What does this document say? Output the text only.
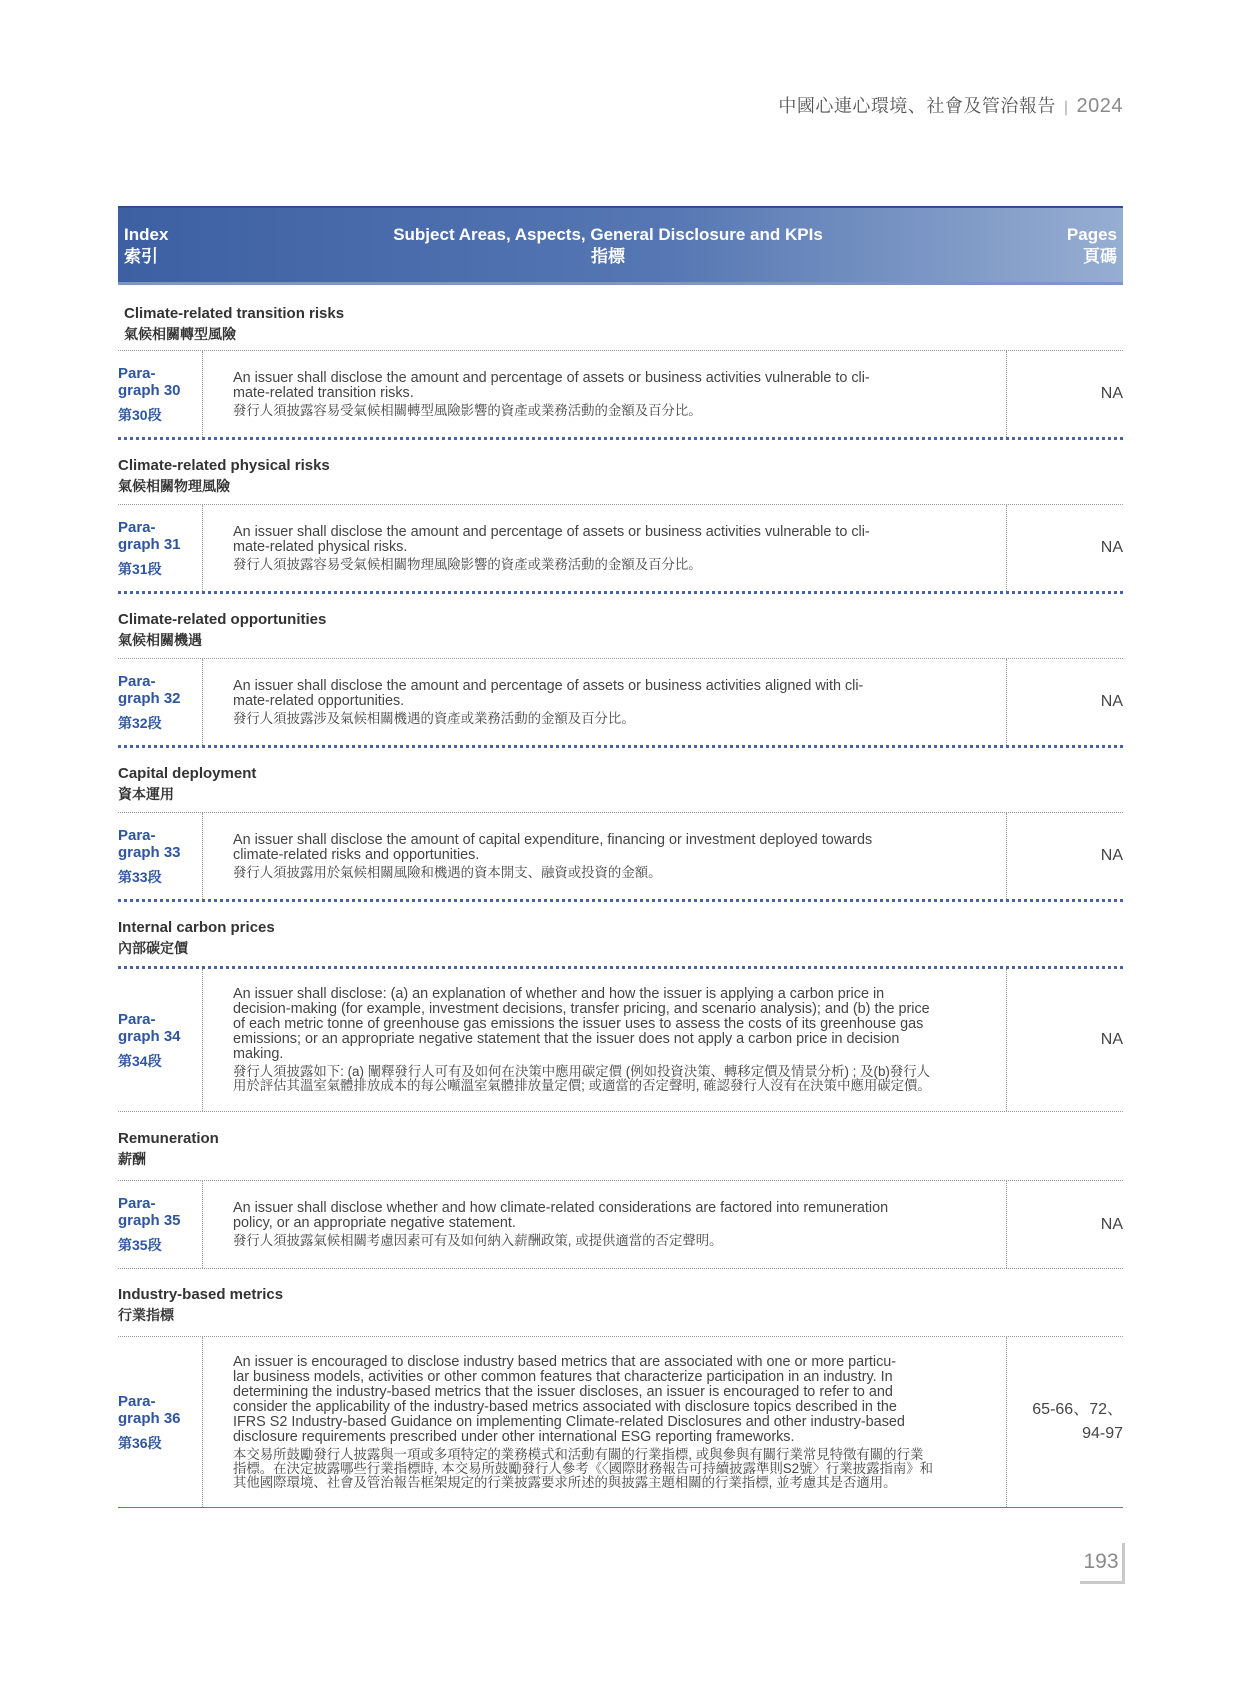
中國心連心環境、社會及管治報告 | 2024
Index
索引
Subject Areas, Aspects, General Disclosure and KPIs
指標
Pages
頁碼
Climate-related transition risks
氣候相關轉型風險
Para-
graph 30
第30段
An issuer shall disclose the amount and percentage of assets or business activities vulnerable to cli-
mate-related transition risks.
發行人須披露容易受氣候相關轉型風險影響的資產或業務活動的金額及百分比。
NA
Climate-related physical risks
氣候相關物理風險
Para-
graph 31
第31段
An issuer shall disclose the amount and percentage of assets or business activities vulnerable to cli-
mate-related physical risks.
發行人須披露容易受氣候相關物理風險影響的資產或業務活動的金額及百分比。
NA
Climate-related opportunities
氣候相關機遇
Para-
graph 32
第32段
An issuer shall disclose the amount and percentage of assets or business activities aligned with cli-
mate-related opportunities.
發行人須披露涉及氣候相關機遇的資產或業務活動的金額及百分比。
NA
Capital deployment
資本運用
Para-
graph 33
第33段
An issuer shall disclose the amount of capital expenditure, financing or investment deployed towards
climate-related risks and opportunities.
發行人須披露用於氣候相關風險和機遇的資本開支、融資或投資的金額。
NA
Internal carbon prices
內部碳定價
Para-
graph 34
第34段
An issuer shall disclose: (a) an explanation of whether and how the issuer is applying a carbon price in
decision-making (for example, investment decisions, transfer pricing, and scenario analysis); and (b) the price
of each metric tonne of greenhouse gas emissions the issuer uses to assess the costs of its greenhouse gas
emissions; or an appropriate negative statement that the issuer does not apply a carbon price in decision
making.
發行人須披露如下: (a) 闡釋發行人可有及如何在決策中應用碳定價 (例如投資決策、轉移定價及情景分析) ; 及(b)發行人
用於評估其溫室氣體排放成本的每公噸溫室氣體排放量定價; 或適當的否定聲明, 確認發行人沒有在決策中應用碳定價。
NA
Remuneration
薪酬
Para-
graph 35
第35段
An issuer shall disclose whether and how climate-related considerations are factored into remuneration
policy, or an appropriate negative statement.
發行人須披露氣候相關考慮因素可有及如何納入薪酬政策, 或提供適當的否定聲明。
NA
Industry-based metrics
行業指標
Para-
graph 36
第36段
An issuer is encouraged to disclose industry based metrics that are associated with one or more particu-
lar business models, activities or other common features that characterize participation in an industry. In
determining the industry-based metrics that the issuer discloses, an issuer is encouraged to refer to and
consider the applicability of the industry-based metrics associated with disclosure topics described in the
IFRS S2 Industry-based Guidance on implementing Climate-related Disclosures and other industry-based
disclosure requirements prescribed under other international ESG reporting frameworks.
本交易所鼓勵發行人披露與一項或多項特定的業務模式和活動有關的行業指標, 或與參與有關行業常見特徵有關的行業
指標。在決定披露哪些行業指標時, 本交易所鼓勵發行人參考《〈國際財務報告可持續披露準則S2號〉行業披露指南》和
其他國際環境、社會及管治報告框架規定的行業披露要求所述的與披露主題相關的行業指標, 並考慮其是否適用。
65-66、72、
94-97
193
